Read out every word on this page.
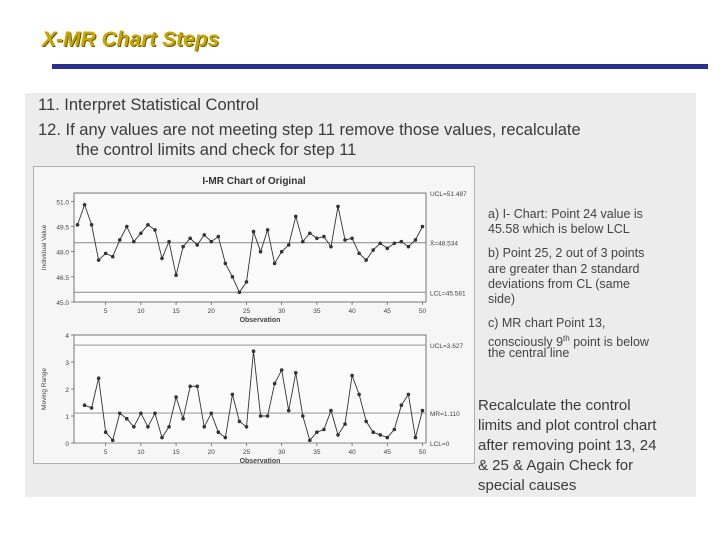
X-MR Chart Steps
11. Interpret Statistical Control
12. If any values are not meeting step 11 remove those values, recalculate
the control limits and check for step 11
I-MR Chart of Original
45.0
46.5
48.0
49.5
51.0
5	10	15	20	25	30	35	40	45	50
Individual Value
Observation
UCL=51.487
X̄=48.534
LCL=45.581
0
1
2
3
4
5	10	15	20	25	30	35	40	45	50
Moving Range
Observation
UCL=3.627
MR=1.110
LCL=0
a) I- Chart: Point 24 value is
45.58 which is below LCL
b) Point 25, 2 out of 3 points
are greater than 2 standard
deviations from CL (same
side)
c) MR chart Point 13,
consciously 9th point is below
the central line
Recalculate the control
limits and plot control chart
after removing point 13, 24
& 25 & Again Check for
special causes
